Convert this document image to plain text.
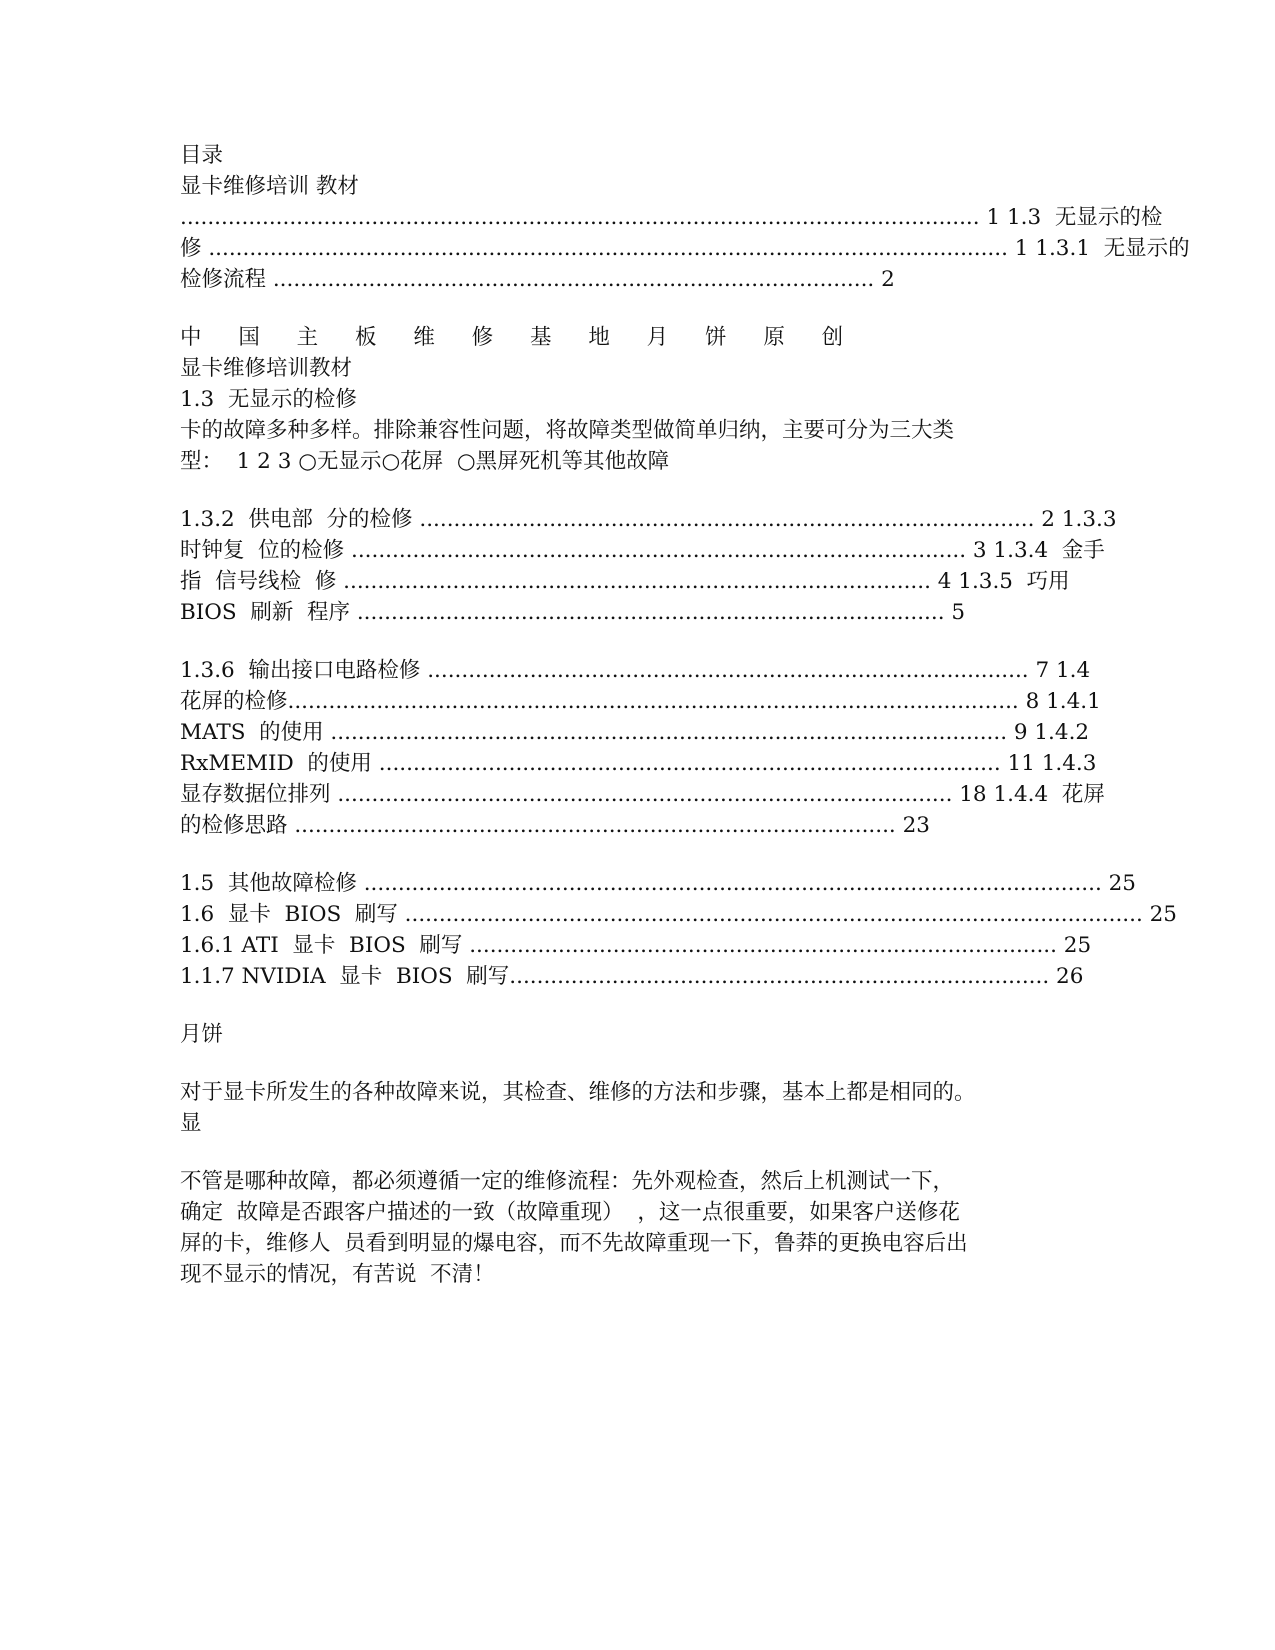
目录
显卡维修培训 教材
..................................................................................................................... 1 1.3  无显示的检
修 ..................................................................................................................... 1 1.3.1  无显示的
检修流程 ........................................................................................ 2
中 国 主 板 维 修 基 地 月 饼 原 创
显卡维修培训教材
1.3  无显示的检修
卡的故障多种多样。排除兼容性问题，将故障类型做简单归纳，主要可分为三大类
型：  1 2 3 ○无显示○花屏  ○黑屏死机等其他故障
1.3.2  供电部  分的检修 .......................................................................................... 2 1.3.3
时钟复  位的检修 .......................................................................................... 3 1.3.4  金手
指  信号线检  修 ...................................................................................... 4 1.3.5  巧用
BIOS  刷新  程序 ...................................................................................... 5
1.3.6  输出接口电路检修 ........................................................................................ 7 1.4
花屏的检修........................................................................................................... 8 1.4.1
MATS  的使用 ................................................................................................... 9 1.4.2
RxMEMID  的使用 ........................................................................................... 11 1.4.3
显存数据位排列 .......................................................................................... 18 1.4.4  花屏
的检修思路 ........................................................................................ 23
1.5  其他故障检修 ............................................................................................................ 25
1.6  显卡  BIOS  刷写 ............................................................................................................ 25
1.6.1 ATI  显卡  BIOS  刷写 ...................................................................................... 25
1.1.7 NVIDIA  显卡  BIOS  刷写............................................................................... 26
月饼
对于显卡所发生的各种故障来说，其检查、维修的方法和步骤，基本上都是相同的。
显
不管是哪种故障，都必须遵循一定的维修流程：先外观检查，然后上机测试一下，
确定  故障是否跟客户描述的一致（故障重现）  ，这一点很重要，如果客户送修花
屏的卡，维修人  员看到明显的爆电容，而不先故障重现一下，鲁莽的更换电容后出
现不显示的情况，有苦说  不清！
